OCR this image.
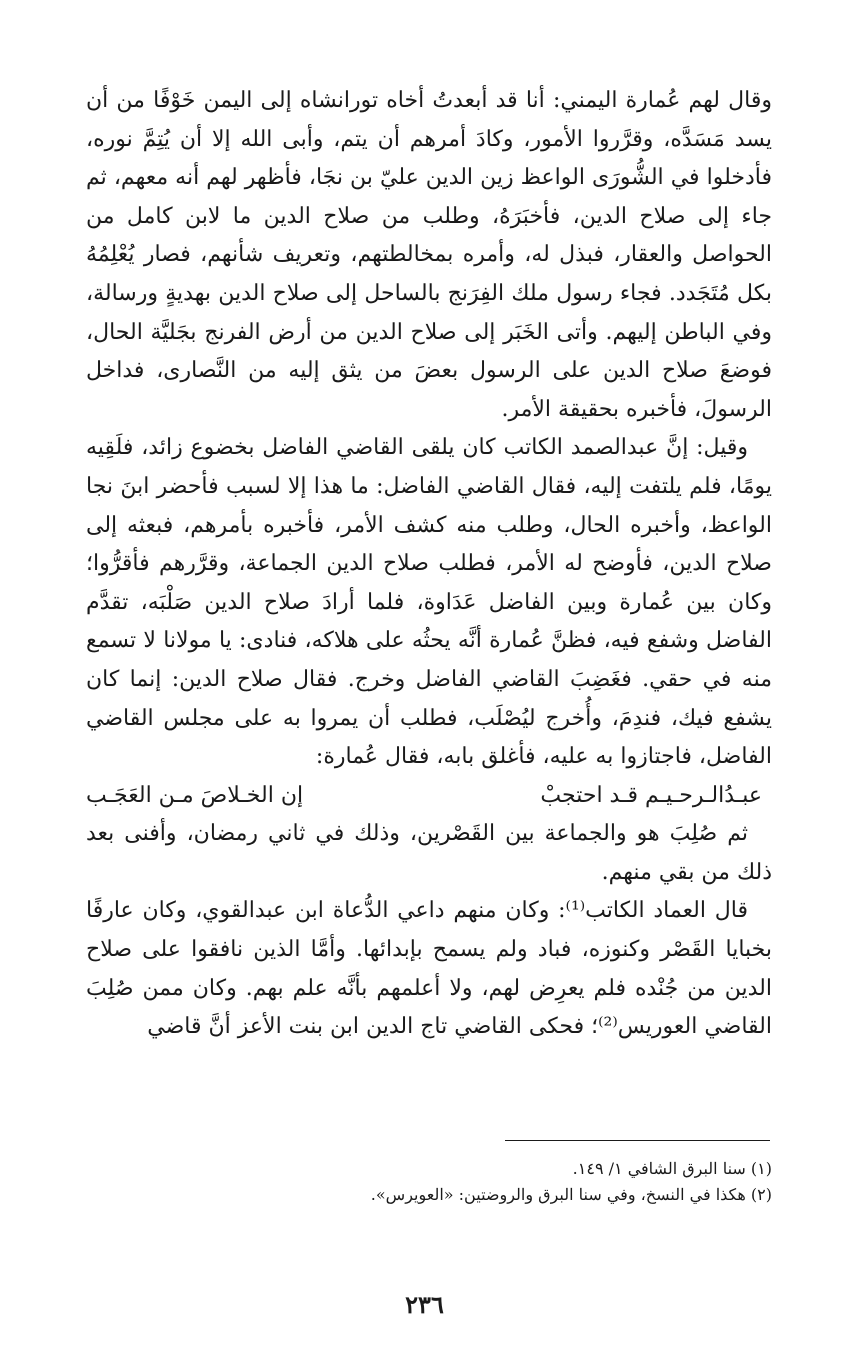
وقال لهم عُمارة اليمني: أنا قد أبعدتُ أخاه تورانشاه إلى اليمن خَوْفًا من أن يسد مَسَدَّه، وقرَّروا الأمور، وكادَ أمرهم أن يتم، وأبى الله إلا أن يُتِمَّ نوره، فأدخلوا في الشُّورَى الواعظ زين الدين عليّ بن نجَا، فأظهر لهم أنه معهم، ثم جاء إلى صلاح الدين، فأخبَرَهُ، وطلب من صلاح الدين ما لابن كامل من الحواصل والعقار، فبذل له، وأمره بمخالطتهم، وتعريف شأنهم، فصار يُعْلِمُهُ بكل مُتَجَدد. فجاء رسول ملك الفِرَنج بالساحل إلى صلاح الدين بهديةٍ ورسالة، وفي الباطن إليهم. وأتى الخَبَر إلى صلاح الدين من أرض الفرنج بجَليَّة الحال، فوضعَ صلاح الدين على الرسول بعضَ من يثق إليه من النَّصارى، فداخل الرسولَ، فأخبره بحقيقة الأمر.

وقيل: إنَّ عبدالصمد الكاتب كان يلقى القاضي الفاضل بخضوع زائد، فلَقِيه يومًا، فلم يلتفت إليه، فقال القاضي الفاضل: ما هذا إلا لسبب فأحضر ابنَ نجا الواعظ، وأخبره الحال، وطلب منه كشف الأمر، فأخبره بأمرهم، فبعثه إلى صلاح الدين، فأوضح له الأمر، فطلب صلاح الدين الجماعة، وقرَّرهم فأقرُّوا؛ وكان بين عُمارة وبين الفاضل عَدَاوة، فلما أرادَ صلاح الدين صَلْبَه، تقدَّم الفاضل وشفع فيه، فظنَّ عُمارة أنَّه يحثُه على هلاكه، فنادى: يا مولانا لا تسمع منه في حقي. فغَضِبَ القاضي الفاضل وخرج. فقال صلاح الدين: إنما كان يشفع فيك، فندِمَ، وأُخرج ليُصْلَب، فطلب أن يمروا به على مجلس القاضي الفاضل، فاجتازوا به عليه، فأغلق بابه، فقال عُمارة:

عبـدُالـرحـيـم قـد احتجبْ
إن الخـلاصَ مـن العَجَـب

ثم صُلِبَ هو والجماعة بين القَصْرين، وذلك في ثاني رمضان، وأفنى بعد ذلك من بقي منهم.

قال العماد الكاتب⁽¹⁾: وكان منهم داعي الدُّعاة ابن عبدالقوي، وكان عارفًا بخبايا القَصْر وكنوزه، فباد ولم يسمح بإبدائها. وأمَّا الذين نافقوا على صلاح الدين من جُنْده فلم يعرِض لهم، ولا أعلمهم بأنَّه علم بهم. وكان ممن صُلِبَ القاضي العوريس⁽²⁾؛ فحكى القاضي تاج الدين ابن بنت الأعز أنَّ قاضي

(١) سنا البرق الشافي ١/ ١٤٩.

(٢) هكذا في النسخ، وفي سنا البرق والروضتين: «العويرس».

٢٣٦
